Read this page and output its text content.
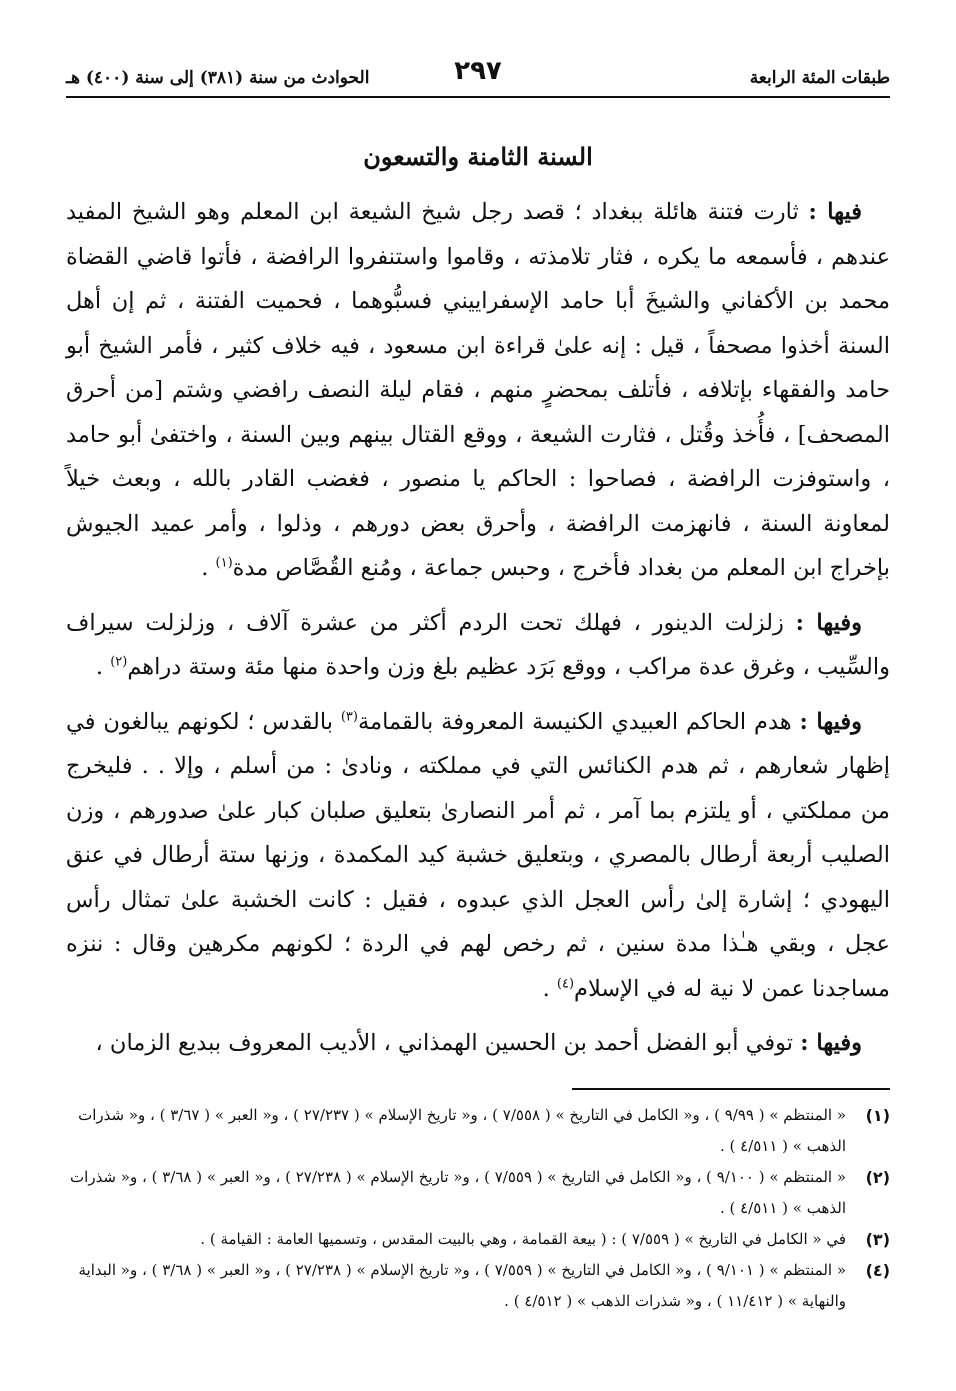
طبقات المئة الرابعة
٢٩٧
الحوادث من سنة (٣٨١) إلى سنة (٤٠٠) هـ
السنة الثامنة والتسعون

فيها : ثارت فتنة هائلة ببغداد ؛ قصد رجل شيخ الشيعة ابن المعلم وهو الشيخ المفيد عندهم ، فأسمعه ما يكره ، فثار تلامذته ، وقاموا واستنفروا الرافضة ، فأتوا قاضي القضاة محمد بن الأكفاني والشيخَ أبا حامد الإسفراييني فسبُّوهما ، فحميت الفتنة ، ثم إن أهل السنة أخذوا مصحفاً ، قيل : إنه علىٰ قراءة ابن مسعود ، فيه خلاف كثير ، فأمر الشيخ أبو حامد والفقهاء بإتلافه ، فأتلف بمحضرٍ منهم ، فقام ليلة النصف رافضي وشتم [من أحرق المصحف] ، فأُخذ وقُتل ، فثارت الشيعة ، ووقع القتال بينهم وبين السنة ، واختفىٰ أبو حامد ، واستوفزت الرافضة ، فصاحوا : الحاكم يا منصور ، فغضب القادر بالله ، وبعث خيلاً لمعاونة السنة ، فانهزمت الرافضة ، وأحرق بعض دورهم ، وذلوا ، وأمر عميد الجيوش بإخراج ابن المعلم من بغداد فأخرج ، وحبس جماعة ، ومُنع القُصَّاص مدة$^{(١)}$ .

وفيها : زلزلت الدينور ، فهلك تحت الردم أكثر من عشرة آلاف ، وزلزلت سيراف والسِّيب ، وغرق عدة مراكب ، ووقع بَرَد عظيم بلغ وزن واحدة منها مئة وستة دراهم$^{(٢)}$ .

وفيها : هدم الحاكم العبيدي الكنيسة المعروفة بالقمامة$^{(٣)}$ بالقدس ؛ لكونهم يبالغون في إظهار شعارهم ، ثم هدم الكنائس التي في مملكته ، ونادىٰ : من أسلم ، وإلا . . فليخرج من مملكتي ، أو يلتزم بما آمر ، ثم أمر النصارىٰ بتعليق صلبان كبار علىٰ صدورهم ، وزن الصليب أربعة أرطال بالمصري ، وبتعليق خشبة كيد المكمدة ، وزنها ستة أرطال في عنق اليهودي ؛ إشارة إلىٰ رأس العجل الذي عبدوه ، فقيل : كانت الخشبة علىٰ تمثال رأس عجل ، وبقي هـٰذا مدة سنين ، ثم رخص لهم في الردة ؛ لكونهم مكرهين وقال : ننزه مساجدنا عمن لا نية له في الإسلام$^{(٤)}$ .

وفيها : توفي أبو الفضل أحمد بن الحسين الهمذاني ، الأديب المعروف ببديع الزمان ،

(١)
« المنتظم » ( ٩/٩٩ ) ، و« الكامل في التاريخ » ( ٧/٥٥٨ ) ، و« تاريخ الإسلام » ( ٢٧/٢٣٧ ) ، و« العبر » ( ٣/٦٧ ) ، و« شذرات الذهب » ( ٤/٥١١ ) .
(٢)
« المنتظم » ( ٩/١٠٠ ) ، و« الكامل في التاريخ » ( ٧/٥٥٩ ) ، و« تاريخ الإسلام » ( ٢٧/٢٣٨ ) ، و« العبر » ( ٣/٦٨ ) ، و« شذرات الذهب » ( ٤/٥١١ ) .
(٣)
في « الكامل في التاريخ » ( ٧/٥٥٩ ) : ( بيعة القمامة ، وهي بالبيت المقدس ، وتسميها العامة : القيامة ) .
(٤)
« المنتظم » ( ٩/١٠١ ) ، و« الكامل في التاريخ » ( ٧/٥٥٩ ) ، و« تاريخ الإسلام » ( ٢٧/٢٣٨ ) ، و« العبر » ( ٣/٦٨ ) ، و« البداية والنهاية » ( ١١/٤١٢ ) ، و« شذرات الذهب » ( ٤/٥١٢ ) .
